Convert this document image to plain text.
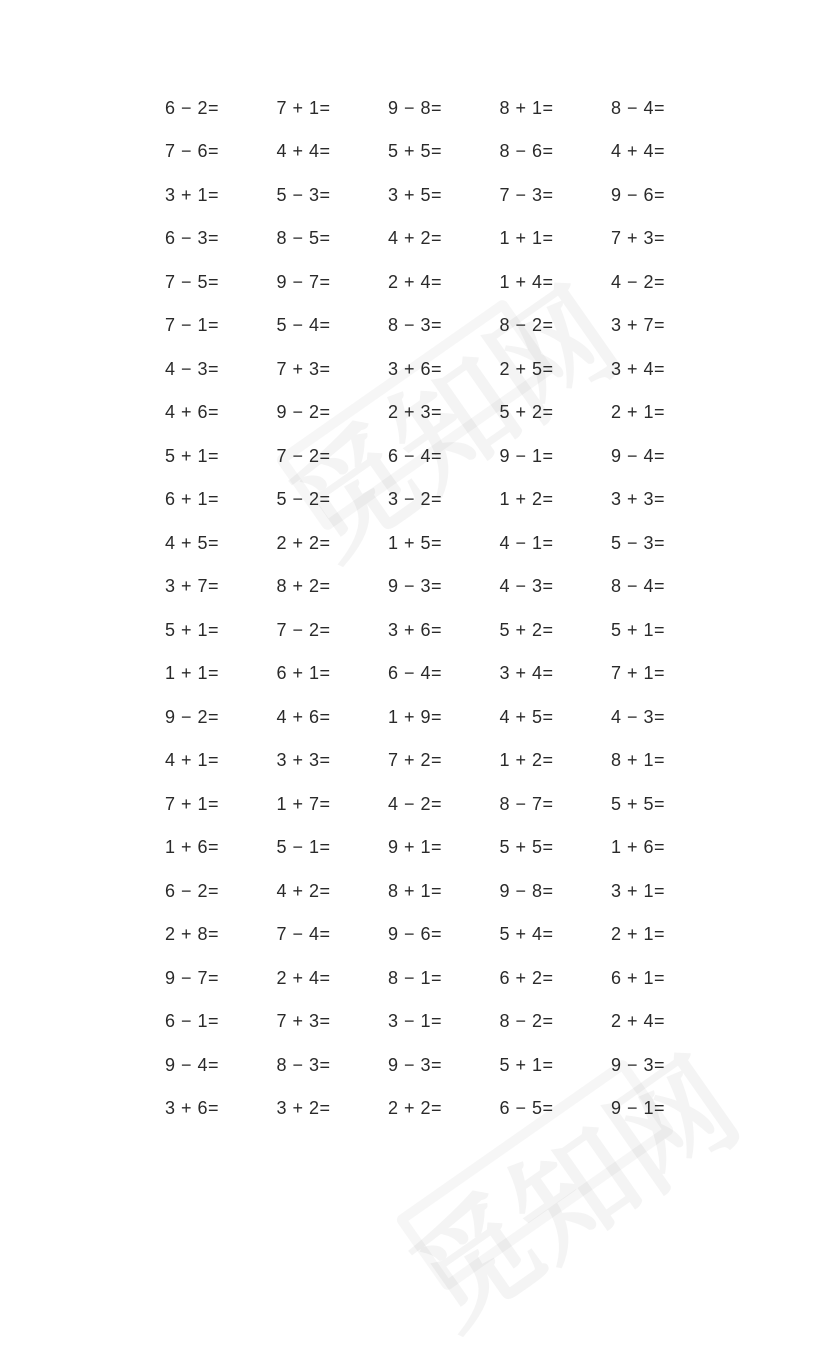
6 − 2=	7 + 1=	9 − 8=	8 + 1=	8 − 4=
7 − 6=	4 + 4=	5 + 5=	8 − 6=	4 + 4=
3 + 1=	5 − 3=	3 + 5=	7 − 3=	9 − 6=
6 − 3=	8 − 5=	4 + 2=	1 + 1=	7 + 3=
7 − 5=	9 − 7=	2 + 4=	1 + 4=	4 − 2=
7 − 1=	5 − 4=	8 − 3=	8 − 2=	3 + 7=
4 − 3=	7 + 3=	3 + 6=	2 + 5=	3 + 4=
4 + 6=	9 − 2=	2 + 3=	5 + 2=	2 + 1=
5 + 1=	7 − 2=	6 − 4=	9 − 1=	9 − 4=
6 + 1=	5 − 2=	3 − 2=	1 + 2=	3 + 3=
4 + 5=	2 + 2=	1 + 5=	4 − 1=	5 − 3=
3 + 7=	8 + 2=	9 − 3=	4 − 3=	8 − 4=
5 + 1=	7 − 2=	3 + 6=	5 + 2=	5 + 1=
1 + 1=	6 + 1=	6 − 4=	3 + 4=	7 + 1=
9 − 2=	4 + 6=	1 + 9=	4 + 5=	4 − 3=
4 + 1=	3 + 3=	7 + 2=	1 + 2=	8 + 1=
7 + 1=	1 + 7=	4 − 2=	8 − 7=	5 + 5=
1 + 6=	5 − 1=	9 + 1=	5 + 5=	1 + 6=
6 − 2=	4 + 2=	8 + 1=	9 − 8=	3 + 1=
2 + 8=	7 − 4=	9 − 6=	5 + 4=	2 + 1=
9 − 7=	2 + 4=	8 − 1=	6 + 2=	6 + 1=
6 − 1=	7 + 3=	3 − 1=	8 − 2=	2 + 4=
9 − 4=	8 − 3=	9 − 3=	5 + 1=	9 − 3=
3 + 6=	3 + 2=	2 + 2=	6 − 5=	9 − 1=
